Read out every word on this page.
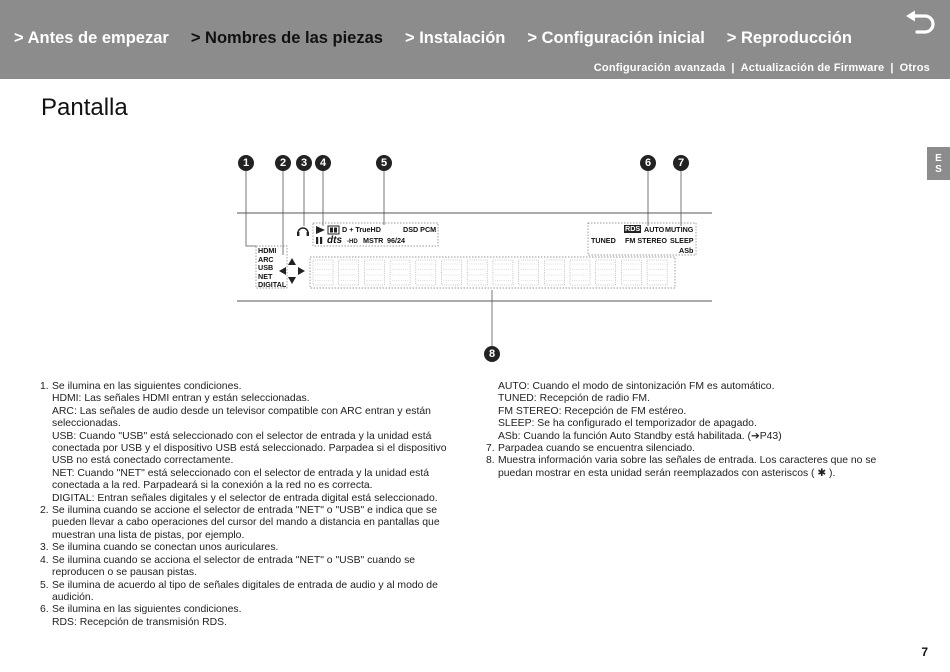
> Antes de empezar > Nombres de las piezas > Instalación > Configuración inicial > Reproducción
Configuración avanzada | Actualización de Firmware | Otros
Pantalla
E
S
1	2	3	4	5	6	7
8
HDMI
ARC
USB
NET
DIGITAL
D + TrueHD	DSD PCM
dts -HD MSTR 96/24
RDS AUTO MUTING
TUNED FM STEREO SLEEP
ASb
1. Se ilumina en las siguientes condiciones.
HDMI: Las señales HDMI entran y están seleccionadas.
ARC: Las señales de audio desde un televisor compatible con ARC entran y están seleccionadas.
USB: Cuando "USB" está seleccionado con el selector de entrada y la unidad está conectada por USB y el dispositivo USB está seleccionado. Parpadea si el dispositivo USB no está conectado correctamente.
NET: Cuando "NET" está seleccionado con el selector de entrada y la unidad está conectada a la red. Parpadeará si la conexión a la red no es correcta.
DIGITAL: Entran señales digitales y el selector de entrada digital está seleccionado.
2. Se ilumina cuando se accione el selector de entrada "NET" o "USB" e indica que se pueden llevar a cabo operaciones del cursor del mando a distancia en pantallas que muestran una lista de pistas, por ejemplo.
3. Se ilumina cuando se conectan unos auriculares.
4. Se ilumina cuando se acciona el selector de entrada "NET" o "USB" cuando se reproducen o se pausan pistas.
5. Se ilumina de acuerdo al tipo de señales digitales de entrada de audio y al modo de audición.
6. Se ilumina en las siguientes condiciones.
RDS: Recepción de transmisión RDS.
AUTO: Cuando el modo de sintonización FM es automático.
TUNED: Recepción de radio FM.
FM STEREO: Recepción de FM estéreo.
SLEEP: Se ha configurado el temporizador de apagado.
ASb: Cuando la función Auto Standby está habilitada. (➔P43)
7. Parpadea cuando se encuentra silenciado.
8. Muestra información varia sobre las señales de entrada. Los caracteres que no se puedan mostrar en esta unidad serán reemplazados con asteriscos ( ✱ ).
7
